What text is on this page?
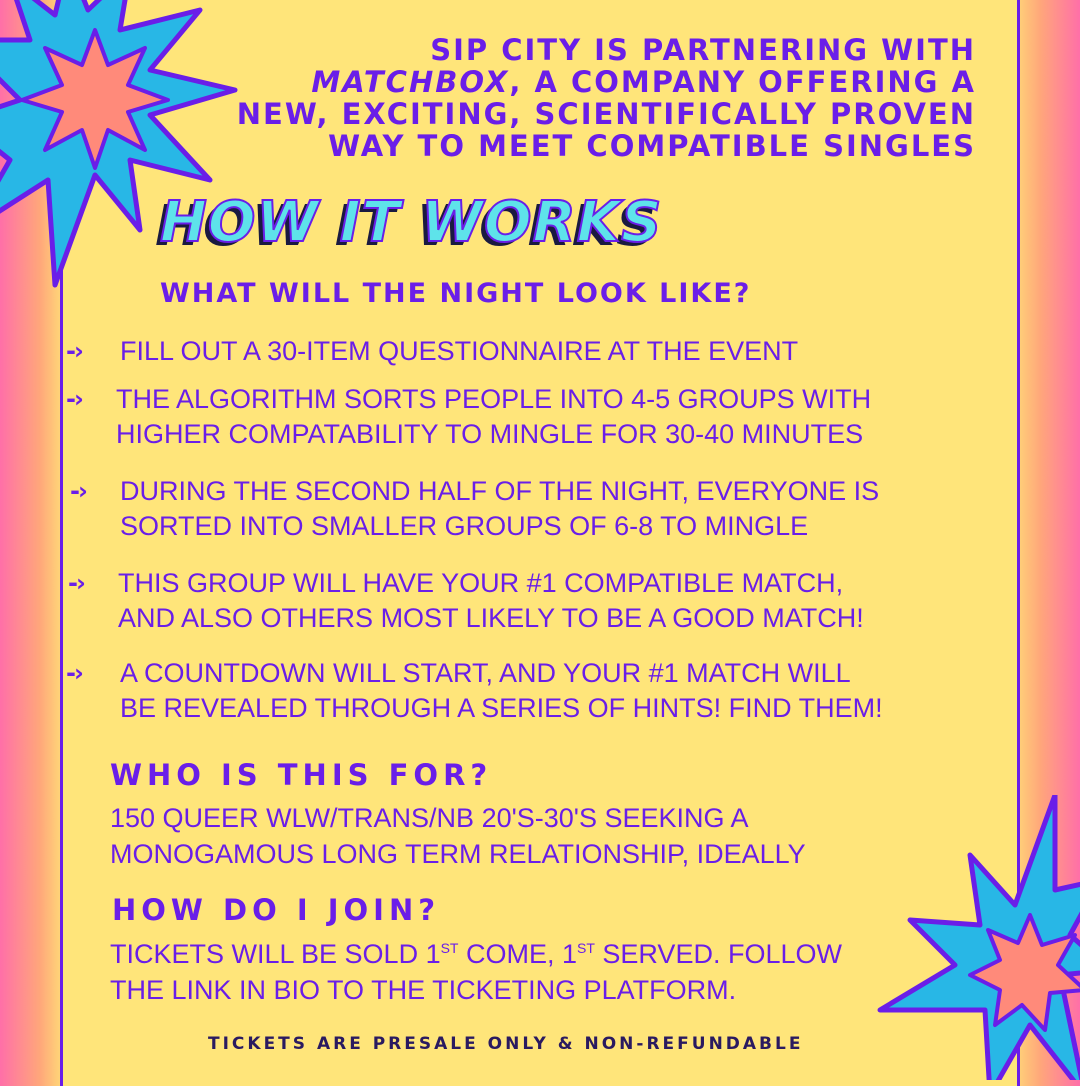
SIP CITY IS PARTNERING WITH
MATCHBOX, A COMPANY OFFERING A
NEW, EXCITING, SCIENTIFICALLY PROVEN
WAY TO MEET COMPATIBLE SINGLES
HOW IT WORKS
WHAT WILL THE NIGHT LOOK LIKE?
-›	FILL OUT A 30-ITEM QUESTIONNAIRE AT THE EVENT
-›	THE ALGORITHM SORTS PEOPLE INTO 4-5 GROUPS WITH
HIGHER COMPATABILITY TO MINGLE FOR 30-40 MINUTES
-›	DURING THE SECOND HALF OF THE NIGHT, EVERYONE IS
SORTED INTO SMALLER GROUPS OF 6-8 TO MINGLE
-›	THIS GROUP WILL HAVE YOUR #1 COMPATIBLE MATCH,
AND ALSO OTHERS MOST LIKELY TO BE A GOOD MATCH!
-›	A COUNTDOWN WILL START, AND YOUR #1 MATCH WILL
BE REVEALED THROUGH A SERIES OF HINTS! FIND THEM!
WHO IS THIS FOR?
150 QUEER WLW/TRANS/NB 20'S-30'S SEEKING A
MONOGAMOUS LONG TERM RELATIONSHIP, IDEALLY
HOW DO I JOIN?
TICKETS WILL BE SOLD 1ST COME, 1ST SERVED. FOLLOW
THE LINK IN BIO TO THE TICKETING PLATFORM.
TICKETS ARE PRESALE ONLY & NON-REFUNDABLE
